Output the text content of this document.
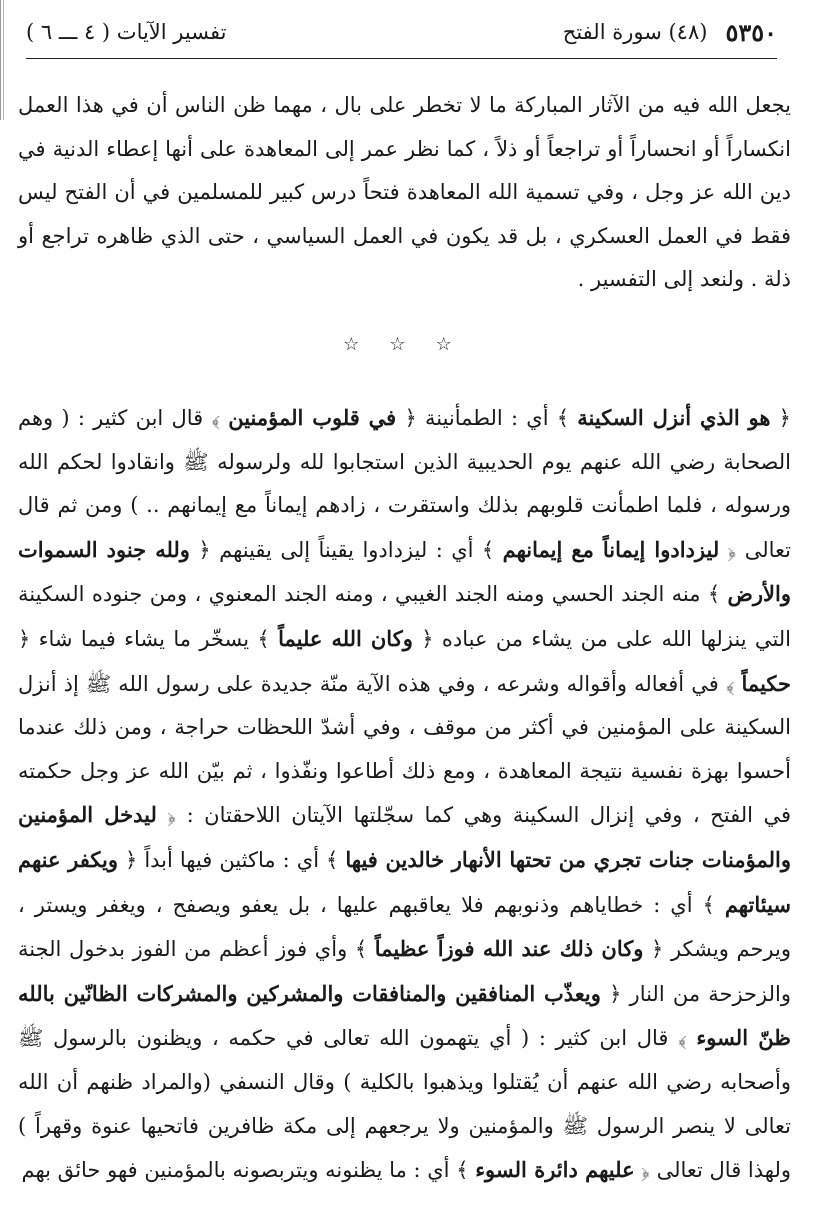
٥٣٥٠
(٤٨) سورة الفتح
تفسير الآيات ( ٤ ـــ ٦ )
يجعل الله فيه من الآثار المباركة ما لا تخطر على بال ، مهما ظن الناس أن في هذا العمل انكساراً أو انحساراً أو تراجعاً أو ذلاً ، كما نظر عمر إلى المعاهدة على أنها إعطاء الدنية في دين الله عز وجل ، وفي تسمية الله المعاهدة فتحاً درس كبير للمسلمين في أن الفتح ليس فقط في العمل العسكري ، بل قد يكون في العمل السياسي ، حتى الذي ظاهره تراجع أو ذلة . ولنعد إلى التفسير .
☆☆☆
﴿ هو الذي أنزل السكينة ﴾ أي : الطمأنينة ﴿ في قلوب المؤمنين ﴾ قال ابن كثير : ( وهم الصحابة رضي الله عنهم يوم الحديبية الذين استجابوا لله ولرسوله ﷺ وانقادوا لحكم الله ورسوله ، فلما اطمأنت قلوبهم بذلك واستقرت ، زادهم إيماناً مع إيمانهم .. ) ومن ثم قال تعالى ﴿ ليزدادوا إيماناً مع إيمانهم ﴾ أي : ليزدادوا يقيناً إلى يقينهم ﴿ ولله جنود السموات والأرض ﴾ منه الجند الحسي ومنه الجند الغيبي ، ومنه الجند المعنوي ، ومن جنوده السكينة التي ينزلها الله على من يشاء من عباده ﴿ وكان الله عليماً ﴾ يسخّر ما يشاء فيما شاء ﴿ حكيماً ﴾ في أفعاله وأقواله وشرعه ، وفي هذه الآية منّة جديدة على رسول الله ﷺ إذ أنزل السكينة على المؤمنين في أكثر من موقف ، وفي أشدّ اللحظات حراجة ، ومن ذلك عندما أحسوا بهزة نفسية نتيجة المعاهدة ، ومع ذلك أطاعوا ونفّذوا ، ثم بيّن الله عز وجل حكمته في الفتح ، وفي إنزال السكينة وهي كما سجّلتها الآيتان اللاحقتان : ﴿ ليدخل المؤمنين والمؤمنات جنات تجري من تحتها الأنهار خالدين فيها ﴾ أي : ماكثين فيها أبداً ﴿ ويكفر عنهم سيئاتهم ﴾ أي : خطاياهم وذنوبهم فلا يعاقبهم عليها ، بل يعفو ويصفح ، ويغفر ويستر ، ويرحم ويشكر ﴿ وكان ذلك عند الله فوزاً عظيماً ﴾ وأي فوز أعظم من الفوز بدخول الجنة والزحزحة من النار ﴿ ويعذّب المنافقين والمنافقات والمشركين والمشركات الظانّين بالله ظنّ السوء ﴾ قال ابن كثير : ( أي يتهمون الله تعالى في حكمه ، ويظنون بالرسول ﷺ وأصحابه رضي الله عنهم أن يُقتلوا ويذهبوا بالكلية ) وقال النسفي (والمراد ظنهم أن الله تعالى لا ينصر الرسول ﷺ والمؤمنين ولا يرجعهم إلى مكة ظافرين فاتحيها عنوة وقهراً ) ولهذا قال تعالى ﴿ عليهم دائرة السوء ﴾ أي : ما يظنونه ويتربصونه بالمؤمنين فهو حائق بهم
